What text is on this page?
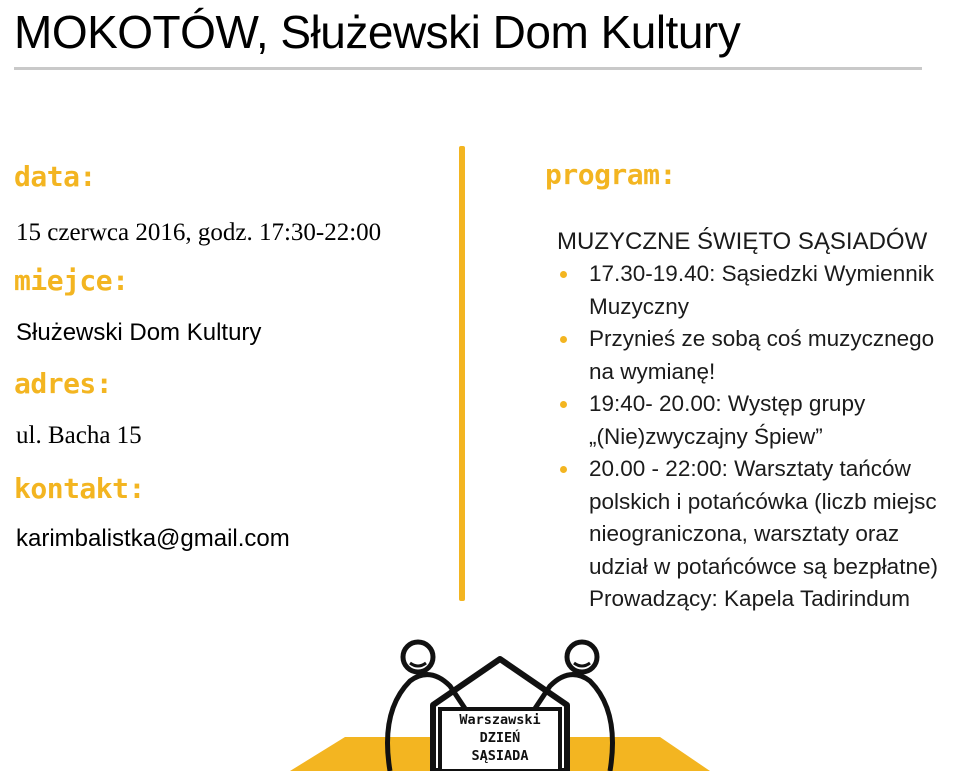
MOKOTÓW, Służewski Dom Kultury

data:

15 czerwca 2016, godz. 17:30-22:00

miejce:

Służewski Dom Kultury

adres:

ul. Bacha 15

kontakt:

karimbalistka@gmail.com

program:

MUZYCZNE ŚWIĘTO SĄSIADÓW

17.30-19.40: Sąsiedzki Wymiennik Muzyczny
Przynieś ze sobą coś muzycznego na wymianę!
19:40- 20.00: Występ grupy „(Nie)zwyczajny Śpiew”
20.00 - 22:00: Warsztaty tańców polskich i potańcówka (liczb miejsc nieograniczona, warsztaty oraz udział w potańcówce są bezpłatne)
Prowadzący: Kapela Tadirindum
Warszawski
DZIEŃ
SĄSIADA
